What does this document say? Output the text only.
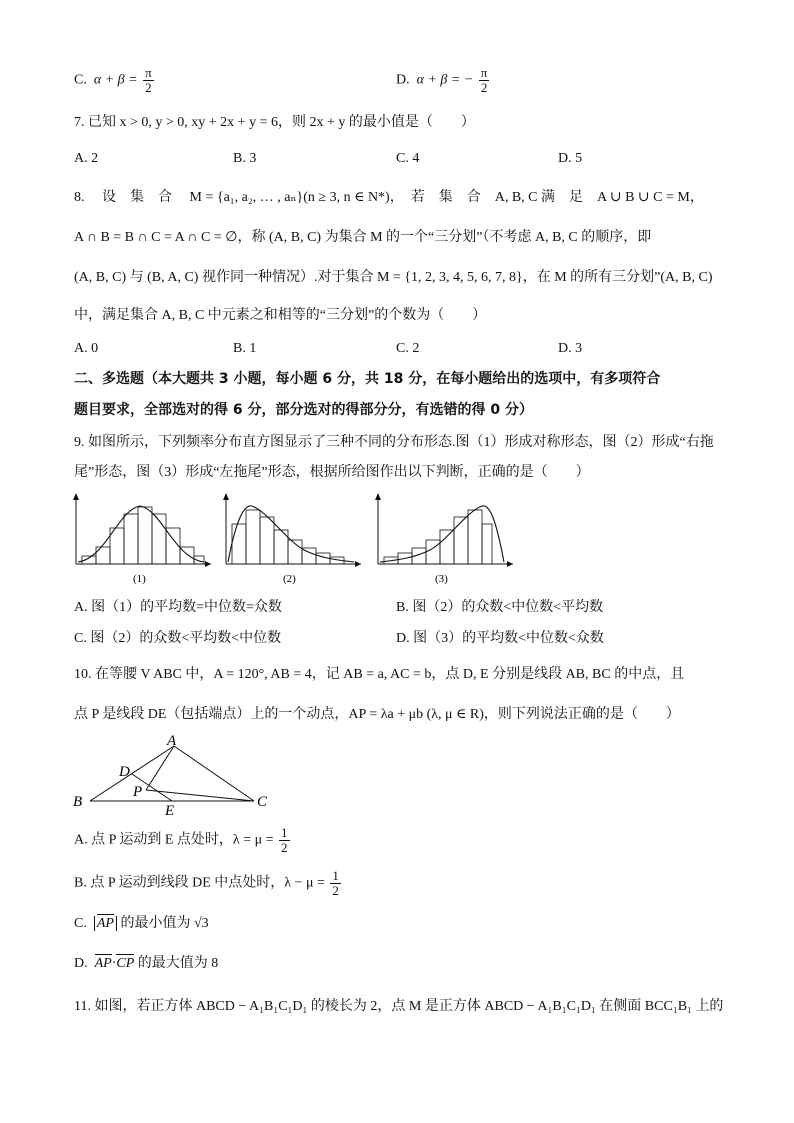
C. $\alpha + \beta = \frac{\pi}{2}$	D. α + β = − $\frac{\pi}{2}$
7. 已知 x > 0, y > 0, xy + 2x + y = 6，则 2x + y 的最小值是（　　）
A. 2	B. 3	C. 4	D. 5
8.　 设　集　合　 M = {a₁, a₂, … , aₙ}(n ≥ 3, n ∈ N*)，　若　集　合　A, B, C 满　足　A ∪ B ∪ C = M，
A ∩ B = B ∩ C = A ∩ C = ∅，称 (A, B, C) 为集合 M 的一个“三分划”（不考虑 A, B, C 的顺序，即
(A, B, C) 与 (B, A, C) 视作同一种情况）.对于集合 M = {1, 2, 3, 4, 5, 6, 7, 8}，在 M 的所有三分划”(A, B, C)
中，满足集合 A, B, C 中元素之和相等的“三分划”的个数为（　　）
A. 0	B. 1	C. 2	D. 3
二、多选题（本大题共 3 小题，每小题 6 分，共 18 分，在每小题给出的选项中，有多项符合
题目要求，全部选对的得 6 分，部分选对的得部分分，有选错的得 0 分）
9. 如图所示，下列频率分布直方图显示了三种不同的分布形态.图（1）形成对称形态，图（2）形成“右拖
尾”形态，图（3）形成“左拖尾”形态，根据所给图作出以下判断，正确的是（　　）
(1)	(2)	(3)
A. 图（1）的平均数=中位数=众数	B. 图（2）的众数<中位数<平均数
C. 图（2）的众数<平均数<中位数	D. 图（3）的平均数<中位数<众数
10. 在等腰 V ABC 中，A = 120°, AB = 4，记 AB = a, AC = b，点 D, E 分别是线段 AB, BC 的中点，且
点 P 是线段 DE（包括端点）上的一个动点，AP = λa + μb (λ, μ ∈ R)，则下列说法正确的是（　　）
A
B	C
D
E
P
A. 点 P 运动到 E 点处时，$\lambda = \mu = \frac{1}{2}$
B. 点 P 运动到线段 DE 中点处时，$\lambda - \mu = \frac{1}{2}$
C. AP 的最小值为 √3
D. AP·CP 的最大值为 8
11. 如图，若正方体 ABCD − A₁B₁C₁D₁ 的棱长为 2，点 M 是正方体 ABCD − A₁B₁C₁D₁ 在侧面 BCC₁B₁ 上的
